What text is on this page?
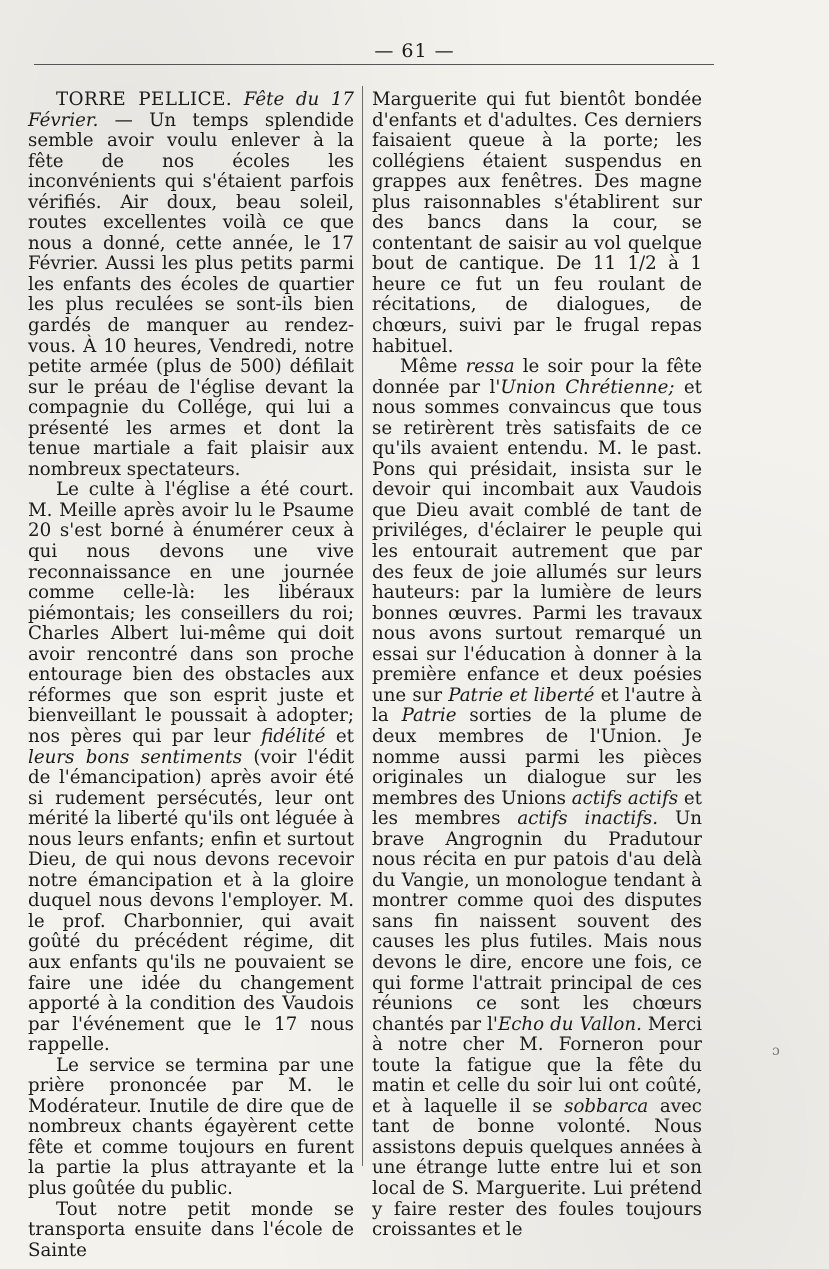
— 61 —

TORRE PELLICE. Fête du 17 Février. — Un temps splendide semble avoir voulu enlever à la fête de nos écoles les inconvénients qui s'étaient parfois vérifiés. Air doux, beau soleil, routes excellentes voilà ce que nous a donné, cette année, le 17 Février. Aussi les plus petits parmi les enfants des écoles de quartier les plus reculées se sont-ils bien gardés de manquer au rendez-vous. À 10 heures, Vendredi, notre petite armée (plus de 500) défilait sur le préau de l'église devant la compagnie du Collége, qui lui a présenté les armes et dont la tenue martiale a fait plaisir aux nombreux spectateurs.

Le culte à l'église a été court. M. Meille après avoir lu le Psaume 20 s'est borné à énumérer ceux à qui nous devons une vive reconnaissance en une journée comme celle-là: les libéraux piémontais; les conseillers du roi; Charles Albert lui-même qui doit avoir rencontré dans son proche entourage bien des obstacles aux réformes que son esprit juste et bienveillant le poussait à adopter; nos pères qui par leur fidélité et leurs bons sentiments (voir l'édit de l'émancipation) après avoir été si rudement persécutés, leur ont mérité la liberté qu'ils ont léguée à nous leurs enfants; enfin et surtout Dieu, de qui nous devons recevoir notre émancipation et à la gloire duquel nous devons l'employer. M. le prof. Charbonnier, qui avait goûté du précédent régime, dit aux enfants qu'ils ne pouvaient se faire une idée du changement apporté à la condition des Vaudois par l'événement que le 17 nous rappelle.

Le service se termina par une prière prononcée par M. le Modérateur. Inutile de dire que de nombreux chants égayèrent cette fête et comme toujours en furent la partie la plus attrayante et la plus goûtée du public.

Tout notre petit monde se transporta ensuite dans l'école de Sainte

Marguerite qui fut bientôt bondée d'enfants et d'adultes. Ces derniers faisaient queue à la porte; les collégiens étaient suspendus en grappes aux fenêtres. Des magne plus raisonnables s'établirent sur des bancs dans la cour, se contentant de saisir au vol quelque bout de cantique. De 11 1/2 à 1 heure ce fut un feu roulant de récitations, de dialogues, de chœurs, suivi par le frugal repas habituel.

Même ressa le soir pour la fête donnée par l'Union Chrétienne; et nous sommes convaincus que tous se retirèrent très satisfaits de ce qu'ils avaient entendu. M. le past. Pons qui présidait, insista sur le devoir qui incombait aux Vaudois que Dieu avait comblé de tant de priviléges, d'éclairer le peuple qui les entourait autrement que par des feux de joie allumés sur leurs hauteurs: par la lumière de leurs bonnes œuvres. Parmi les travaux nous avons surtout remarqué un essai sur l'éducation à donner à la première enfance et deux poésies une sur Patrie et liberté et l'autre à la Patrie sorties de la plume de deux membres de l'Union. Je nomme aussi parmi les pièces originales un dialogue sur les membres des Unions actifs actifs et les membres actifs inactifs. Un brave Angrognin du Pradutour nous récita en pur patois d'au delà du Vangie, un monologue tendant à montrer comme quoi des disputes sans fin naissent souvent des causes les plus futiles. Mais nous devons le dire, encore une fois, ce qui forme l'attrait principal de ces réunions ce sont les chœurs chantés par l'Echo du Vallon. Merci à notre cher M. Forneron pour toute la fatigue que la fête du matin et celle du soir lui ont coûté, et à laquelle il se sobbarca avec tant de bonne volonté. Nous assistons depuis quelques années à une étrange lutte entre lui et son local de S. Marguerite. Lui prétend y faire rester des foules toujours croissantes et le

ɔ
